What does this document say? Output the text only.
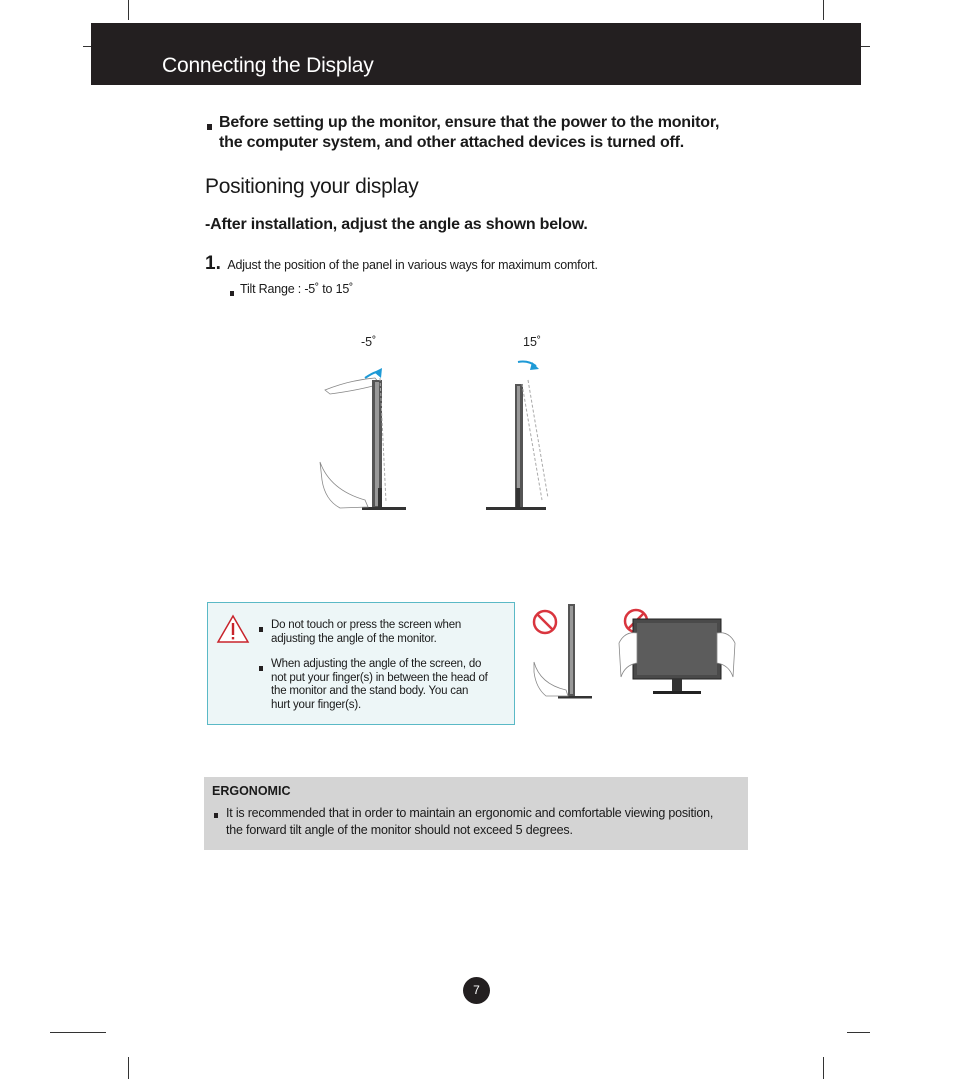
Connecting the Display
Before setting up the monitor, ensure that the power to the monitor,
the computer system, and other attached devices is turned off.
Positioning your display
-After installation, adjust the angle as shown below.
1. Adjust the position of the panel in various ways for maximum comfort.
Tilt Range : -5˚ to 15˚
-5˚	15˚
Do not touch or press the screen when
adjusting the angle of the monitor.
When adjusting the angle of the screen, do
not put your finger(s) in between the head of
the monitor and the stand body. You can
hurt your finger(s).
ERGONOMIC
It is recommended that in order to maintain an ergonomic and comfortable viewing position,
the forward tilt angle of the monitor should not exceed 5 degrees.
7
